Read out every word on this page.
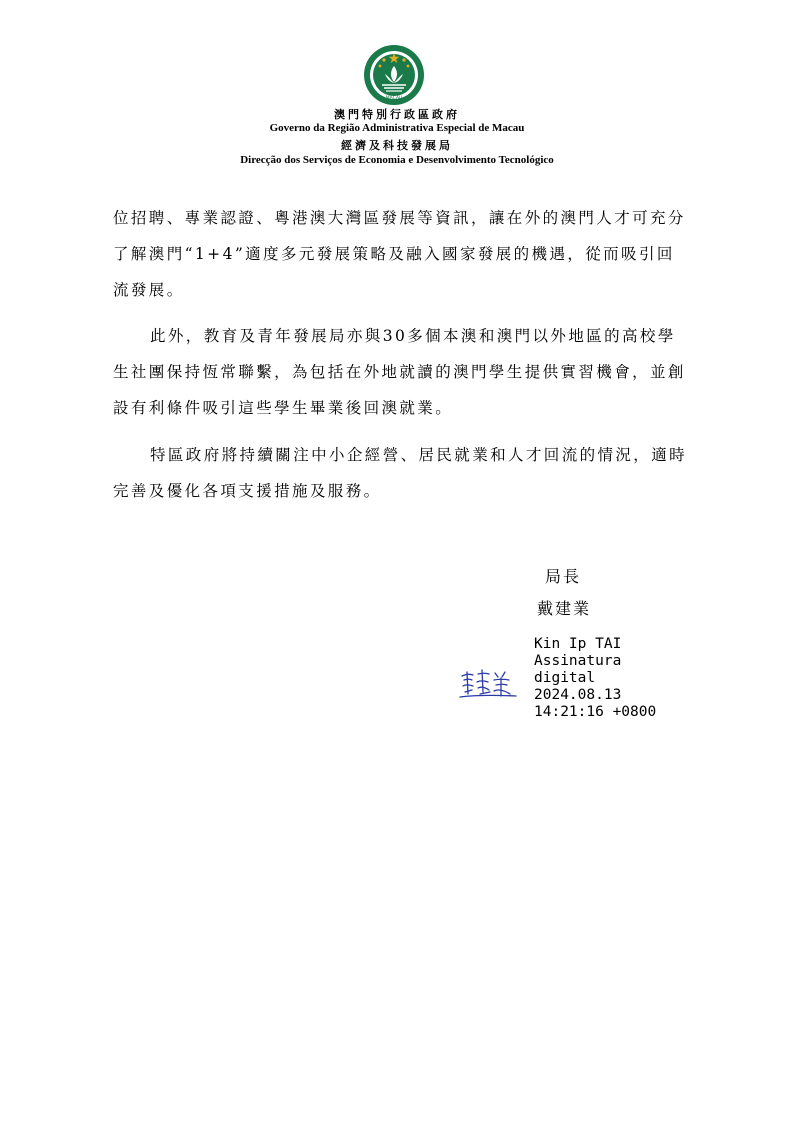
MACAU
澳門特別行政區政府
Governo da Região Administrativa Especial de Macau
經濟及科技發展局
Direcção dos Serviços de Economia e Desenvolvimento Tecnológico
位招聘、專業認證、粵港澳大灣區發展等資訊，讓在外的澳門人才可充分
了解澳門“1+4”適度多元發展策略及融入國家發展的機遇，從而吸引回
流發展。
此外，教育及青年發展局亦與30多個本澳和澳門以外地區的高校學
生社團保持恆常聯繫，為包括在外地就讀的澳門學生提供實習機會，並創
設有利條件吸引這些學生畢業後回澳就業。
特區政府將持續關注中小企經營、居民就業和人才回流的情況，適時
完善及優化各項支援措施及服務。
局長
戴建業
Kin Ip TAI
Assinatura
digital
2024.08.13
14:21:16 +0800
